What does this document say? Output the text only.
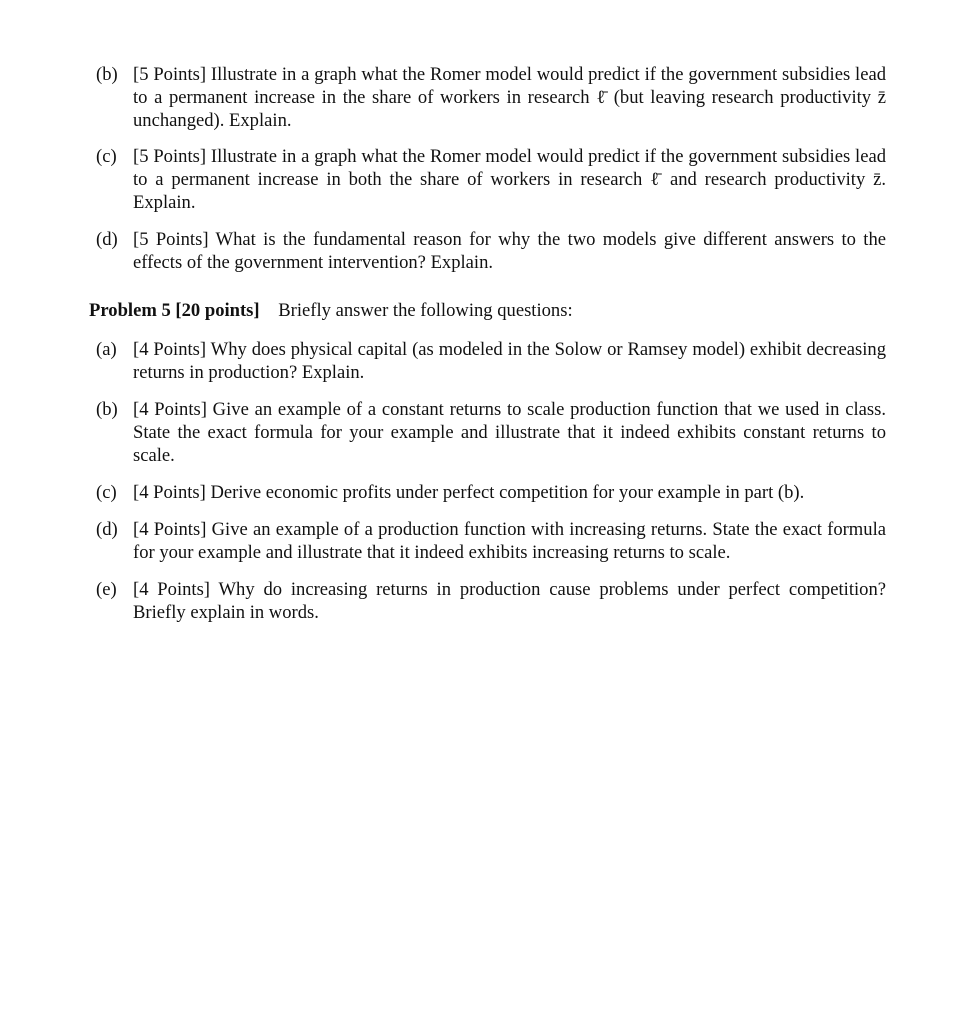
(b) [5 Points] Illustrate in a graph what the Romer model would predict if the government subsidies lead to a permanent increase in the share of workers in research ℓ̄ (but leaving research productivity z̄ unchanged). Explain.
(c) [5 Points] Illustrate in a graph what the Romer model would predict if the government subsidies lead to a permanent increase in both the share of workers in research ℓ̄ and research productivity z̄. Explain.
(d) [5 Points] What is the fundamental reason for why the two models give different answers to the effects of the government intervention? Explain.
Problem 5 [20 points] Briefly answer the following questions:
(a) [4 Points] Why does physical capital (as modeled in the Solow or Ramsey model) exhibit decreasing returns in production? Explain.
(b) [4 Points] Give an example of a constant returns to scale production function that we used in class. State the exact formula for your example and illustrate that it indeed exhibits constant returns to scale.
(c) [4 Points] Derive economic profits under perfect competition for your example in part (b).
(d) [4 Points] Give an example of a production function with increasing returns. State the exact formula for your example and illustrate that it indeed exhibits increasing returns to scale.
(e) [4 Points] Why do increasing returns in production cause problems under perfect competition? Briefly explain in words.
